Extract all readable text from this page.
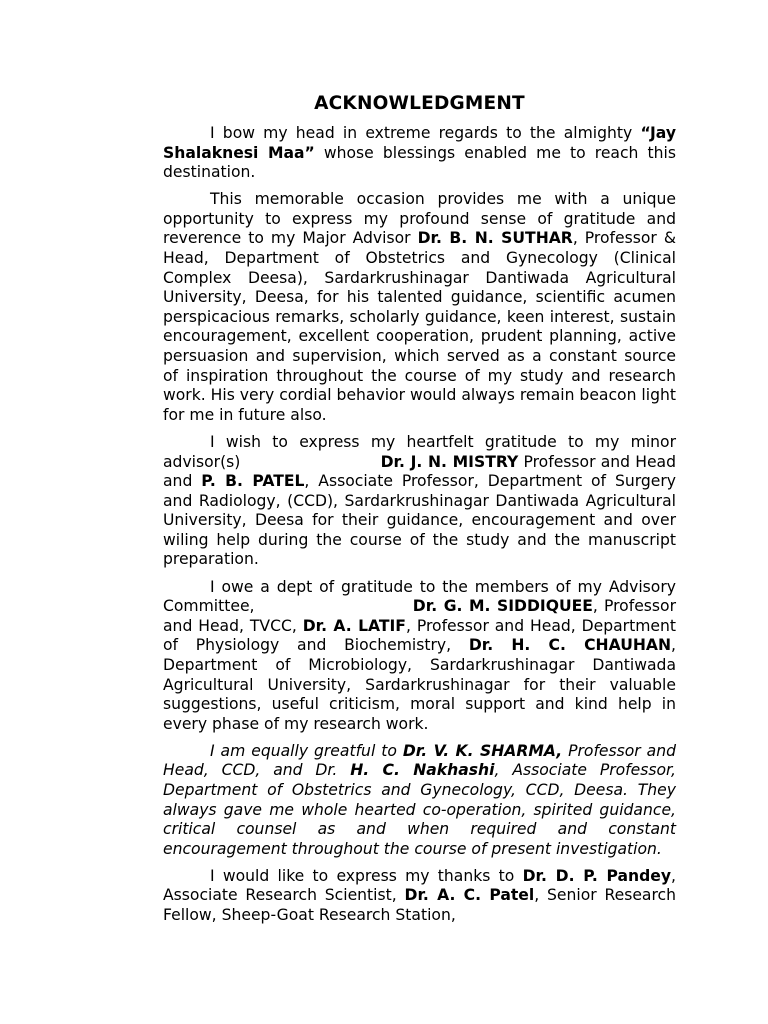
ACKNOWLEDGMENT

I bow my head in extreme regards to the almighty “Jay Shalaknesi Maa” whose blessings enabled me to reach this destination.

This memorable occasion provides me with a unique opportunity to express my profound sense of gratitude and reverence to my Major Advisor Dr. B. N. SUTHAR, Professor & Head, Department of Obstetrics and Gynecology (Clinical Complex Deesa), Sardarkrushinagar Dantiwada Agricultural University, Deesa, for his talented guidance, scientific acumen perspicacious remarks, scholarly guidance, keen interest, sustain encouragement, excellent cooperation, prudent planning, active persuasion and supervision, which served as a constant source of inspiration throughout the course of my study and research work. His very cordial behavior would always remain beacon light for me in future also.

I wish to express my heartfelt gratitude to my minor advisor(s)                           Dr. J. N. MISTRY Professor and Head and P. B. PATEL, Associate Professor, Department of Surgery and Radiology, (CCD), Sardarkrushinagar Dantiwada Agricultural University, Deesa for their guidance, encouragement and over wiling help during the course of the study and the manuscript preparation.

I owe a dept of gratitude to the members of my Advisory Committee,                          Dr. G. M. SIDDIQUEE, Professor and Head, TVCC, Dr. A. LATIF, Professor and Head, Department of Physiology and Biochemistry, Dr. H. C. CHAUHAN, Department of Microbiology, Sardarkrushinagar Dantiwada Agricultural University, Sardarkrushinagar for their valuable suggestions, useful criticism, moral support and kind help in every phase of my research work.

I am equally greatful to Dr. V. K. SHARMA, Professor and Head, CCD, and Dr. H. C. Nakhashi, Associate Professor, Department of Obstetrics and Gynecology, CCD, Deesa. They always gave me whole hearted co-operation, spirited guidance, critical counsel as and when required and constant encouragement throughout the course of present investigation.

I would like to express my thanks to Dr. D. P. Pandey, Associate Research Scientist, Dr. A. C. Patel, Senior Research Fellow, Sheep-Goat Research Station,
